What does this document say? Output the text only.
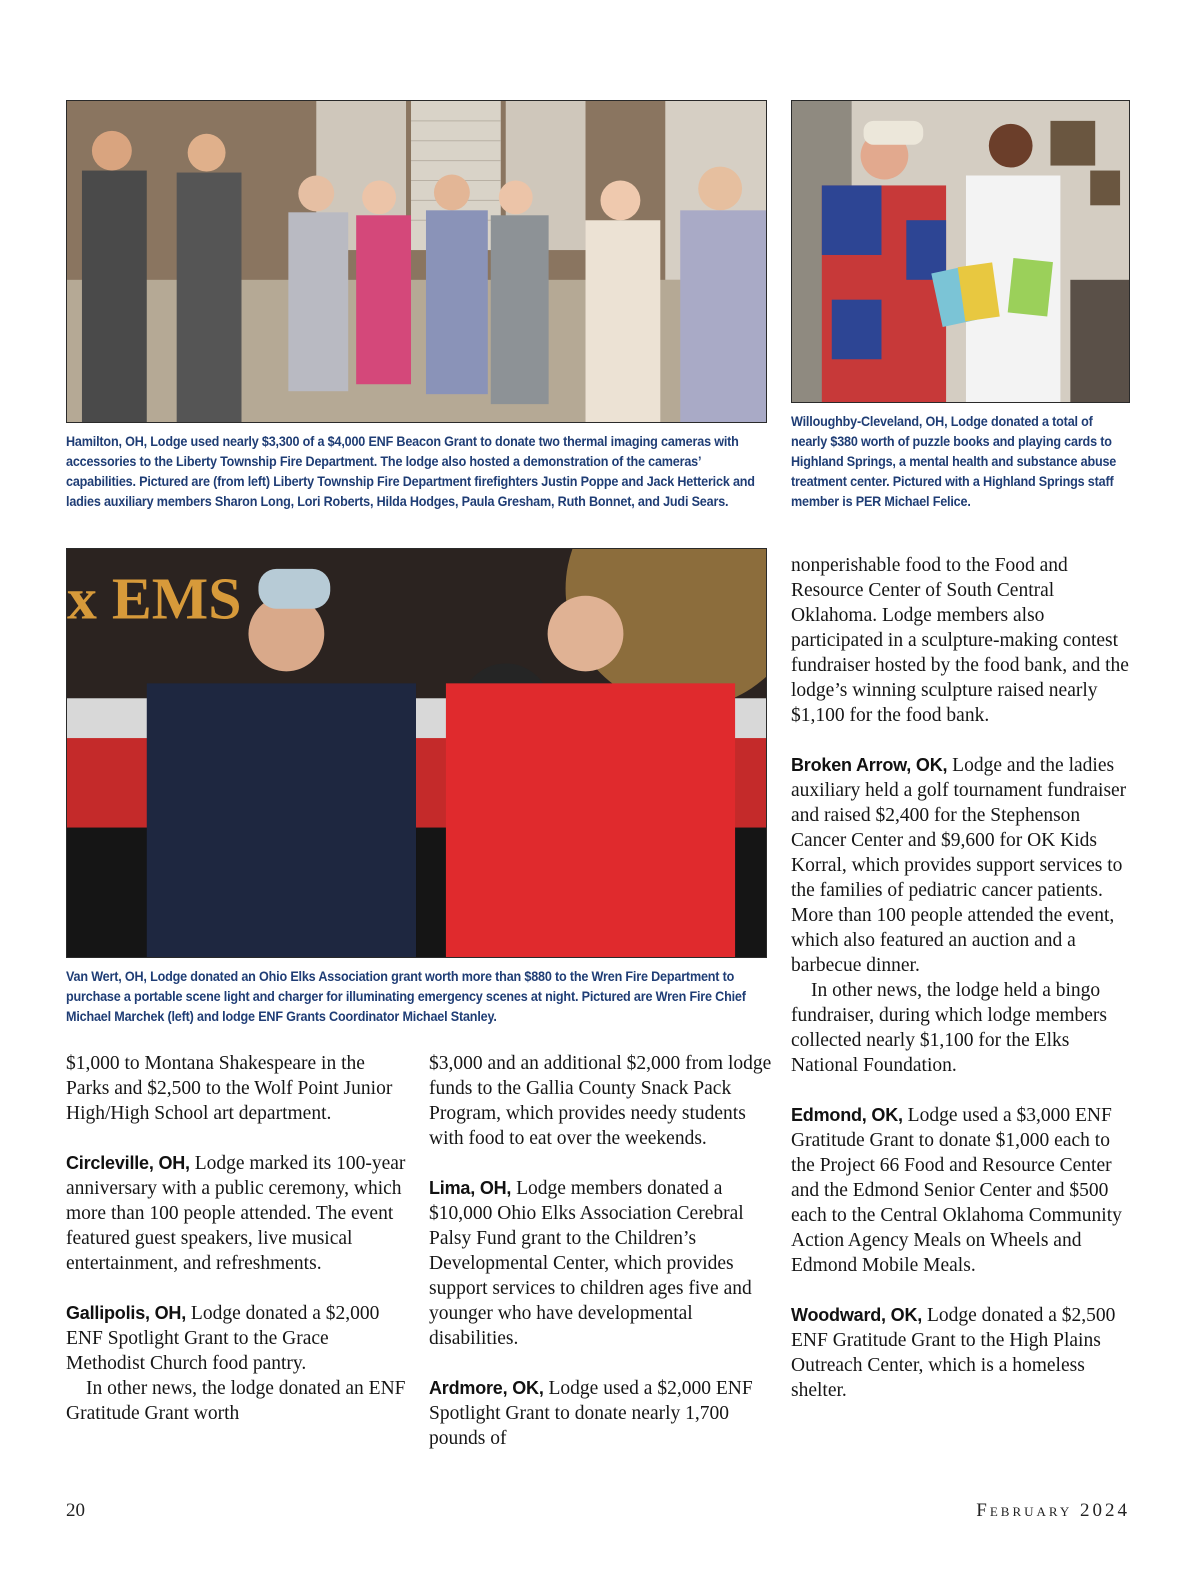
Hamilton, OH, Lodge used nearly $3,300 of a $4,000 ENF Beacon Grant to donate two thermal imaging cameras with accessories to the Liberty Township Fire Department. The lodge also hosted a demonstration of the cameras’ capabilities. Pictured are (from left) Liberty Township Fire Department firefighters Justin Poppe and Jack Hetterick and ladies auxiliary members Sharon Long, Lori Roberts, Hilda Hodges, Paula Gresham, Ruth Bonnet, and Judi Sears.

Willoughby-Cleveland, OH, Lodge donated a total of nearly $380 worth of puzzle books and playing cards to Highland Springs, a mental health and substance abuse treatment center. Pictured with a Highland Springs staff member is PER Michael Felice.

x EMS

Van Wert, OH, Lodge donated an Ohio Elks Association grant worth more than $880 to the Wren Fire Department to purchase a portable scene light and charger for illuminating emergency scenes at night. Pictured are Wren Fire Chief Michael Marchek (left) and lodge ENF Grants Coordinator Michael Stanley.

$1,000 to Montana Shakespeare in the Parks and $2,500 to the Wolf Point Junior High/High School art department.

Circleville, OH, Lodge marked its 100-year anniversary with a public ceremony, which more than 100 people attended. The event featured guest speakers, live musical entertainment, and refreshments.

Gallipolis, OH, Lodge donated a $2,000 ENF Spotlight Grant to the Grace Methodist Church food pantry.

In other news, the lodge donated an ENF Gratitude Grant worth

$3,000 and an additional $2,000 from lodge funds to the Gallia County Snack Pack Program, which provides needy students with food to eat over the weekends.

Lima, OH, Lodge members donated a $10,000 Ohio Elks Association Cerebral Palsy Fund grant to the Children’s Developmental Center, which provides support services to children ages five and younger who have developmental disabilities.

Ardmore, OK, Lodge used a $2,000 ENF Spotlight Grant to donate nearly 1,700 pounds of

nonperishable food to the Food and Resource Center of South Central Oklahoma. Lodge members also participated in a sculpture-making contest fundraiser hosted by the food bank, and the lodge’s winning sculpture raised nearly $1,100 for the food bank.

Broken Arrow, OK, Lodge and the ladies auxiliary held a golf tournament fundraiser and raised $2,400 for the Stephenson Cancer Center and $9,600 for OK Kids Korral, which provides support services to the families of pediatric cancer patients. More than 100 people attended the event, which also featured an auction and a barbecue dinner.

In other news, the lodge held a bingo fundraiser, during which lodge members collected nearly $1,100 for the Elks National Foundation.

Edmond, OK, Lodge used a $3,000 ENF Gratitude Grant to donate $1,000 each to the Project 66 Food and Resource Center and the Edmond Senior Center and $500 each to the Central Oklahoma Community Action Agency Meals on Wheels and Edmond Mobile Meals.

Woodward, OK, Lodge donated a $2,500 ENF Gratitude Grant to the High Plains Outreach Center, which is a homeless shelter.

20	February 2024
